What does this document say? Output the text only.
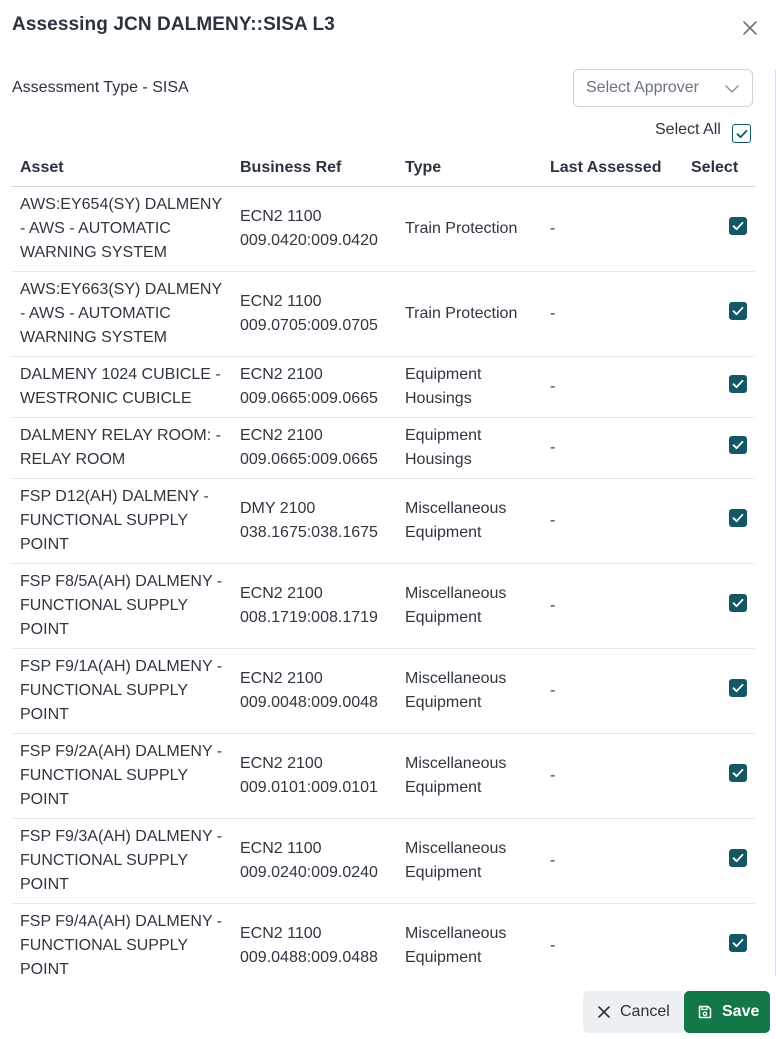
Assessing JCN DALMENY::SISA L3
Assessment Type - SISA	Select Approver
Select All
Asset	Business Ref	Type	Last Assessed	Select
AWS:EY654(SY) DALMENY - AWS - AUTOMATIC WARNING SYSTEM	ECN2 1100 009.0420:009.0420	Train Protection	-	

AWS:EY663(SY) DALMENY - AWS - AUTOMATIC WARNING SYSTEM	ECN2 1100 009.0705:009.0705	Train Protection	-	

DALMENY 1024 CUBICLE - WESTRONIC CUBICLE	ECN2 2100 009.0665:009.0665	Equipment Housings	-	

DALMENY RELAY ROOM: - RELAY ROOM	ECN2 2100 009.0665:009.0665	Equipment Housings	-	

FSP D12(AH) DALMENY - FUNCTIONAL SUPPLY POINT	DMY 2100 038.1675:038.1675	Miscellaneous Equipment	-	

FSP F8/5A(AH) DALMENY - FUNCTIONAL SUPPLY POINT	ECN2 2100 008.1719:008.1719	Miscellaneous Equipment	-	

FSP F9/1A(AH) DALMENY - FUNCTIONAL SUPPLY POINT	ECN2 2100 009.0048:009.0048	Miscellaneous Equipment	-	

FSP F9/2A(AH) DALMENY - FUNCTIONAL SUPPLY POINT	ECN2 2100 009.0101:009.0101	Miscellaneous Equipment	-	

FSP F9/3A(AH) DALMENY - FUNCTIONAL SUPPLY POINT	ECN2 1100 009.0240:009.0240	Miscellaneous Equipment	-	

FSP F9/4A(AH) DALMENY - FUNCTIONAL SUPPLY POINT	ECN2 1100 009.0488:009.0488	Miscellaneous Equipment	-	
Cancel	Save
